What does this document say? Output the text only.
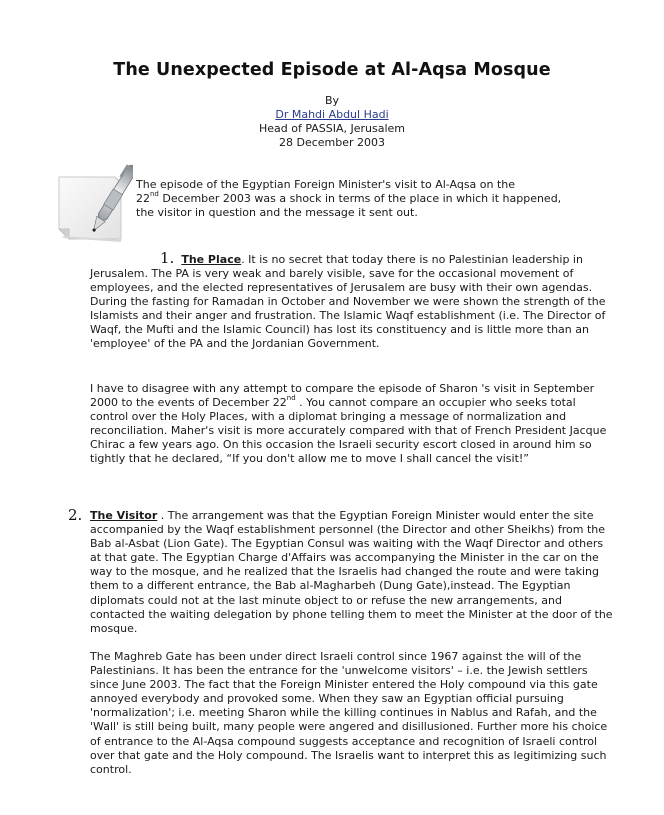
The Unexpected Episode at Al-Aqsa Mosque
By
Dr Mahdi Abdul Hadi
Head of PASSIA, Jerusalem
28 December 2003
The episode of the Egyptian Foreign Minister's visit to Al-Aqsa on the
22nd December 2003 was a shock in terms of the place in which it happened, the visitor in question and the message it sent out.

1. The Place. It is no secret that today there is no Palestinian leadership in Jerusalem. The PA is very weak and barely visible, save for the occasional movement of employees, and the elected representatives of Jerusalem are busy with their own agendas. During the fasting for Ramadan in October and November we were shown the strength of the Islamists and their anger and frustration. The Islamic Waqf establishment (i.e. The Director of Waqf, the Mufti and the Islamic Council) has lost its constituency and is little more than an 'employee' of the PA and the Jordanian Government.

I have to disagree with any attempt to compare the episode of Sharon 's visit in September 2000 to the events of December 22nd . You cannot compare an occupier who seeks total control over the Holy Places, with a diplomat bringing a message of normalization and reconciliation. Maher's visit is more accurately compared with that of French President Jacque Chirac a few years ago. On this occasion the Israeli security escort closed in around him so tightly that he declared, “If you don't allow me to move I shall cancel the visit!”
2. The Visitor . The arrangement was that the Egyptian Foreign Minister would enter the site accompanied by the Waqf establishment personnel (the Director and other Sheikhs) from the Bab al-Asbat (Lion Gate). The Egyptian Consul was waiting with the Waqf Director and others at that gate. The Egyptian Charge d'Affairs was accompanying the Minister in the car on the way to the mosque, and he realized that the Israelis had changed the route and were taking them to a different entrance, the Bab al-Magharbeh (Dung Gate),instead. The Egyptian diplomats could not at the last minute object to or refuse the new arrangements, and contacted the waiting delegation by phone telling them to meet the Minister at the door of the mosque.
The Maghreb Gate has been under direct Israeli control since 1967 against the will of the Palestinians. It has been the entrance for the 'unwelcome visitors' – i.e. the Jewish settlers since June 2003. The fact that the Foreign Minister entered the Holy compound via this gate annoyed everybody and provoked some. When they saw an Egyptian official pursuing 'normalization'; i.e. meeting Sharon while the killing continues in Nablus and Rafah, and the 'Wall' is still being built, many people were angered and disillusioned. Further more his choice of entrance to the Al-Aqsa compound suggests acceptance and recognition of Israeli control over that gate and the Holy compound. The Israelis want to interpret this as legitimizing such control.
